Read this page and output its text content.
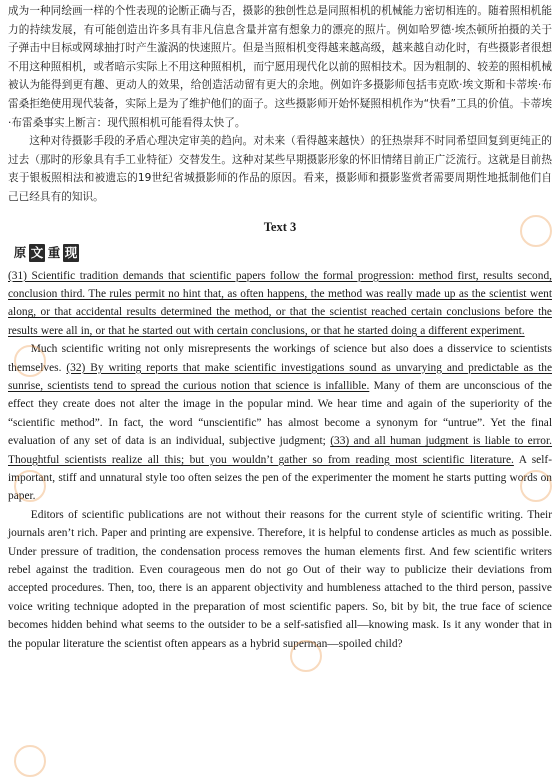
成为一种同绘画一样的个性表现的论断正确与否，摄影的独创性总是同照相机的机械能力密切相连的。随着照相机能力的持续发展，有可能创造出许多具有非凡信息含量并富有想象力的漂亮的照片。例如哈罗德·埃杰顿所拍摄的关于子弹击中目标或网球抽打时产生漩涡的快速照片。但是当照相机变得越来越高级，越来越自动化时，有些摄影者很想不用这种照相机，或者暗示实际上不用这种照相机，而宁愿用现代化以前的照相技术。因为粗制的、较差的照相机械被认为能得到更有趣、更动人的效果，给创造活动留有更大的余地。例如许多摄影师包括韦克欧·埃文斯和卡蒂埃·布雷桑拒绝使用现代装备，实际上是为了维护他们的面子。这些摄影师开始怀疑照相机作为“快看”工具的价值。卡蒂埃·布雷桑事实上断言：现代照相机可能看得太快了。

这种对待摄影手段的矛盾心理决定审美的趋向。对未来（看得越来越快）的狂热崇拜不时同希望回复到更纯正的过去（那时的形象具有手工业特征）交替发生。这种对某些早期摄影形象的怀旧情绪目前正广泛流行。这就是目前热衷于银板照相法和被遗忘的19世纪省城摄影师的作品的原因。看来，摄影师和摄影鉴赏者需要周期性地抵制他们自己已经具有的知识。

Text 3
原 文 重 现

(31) Scientific tradition demands that scientific papers follow the formal progression: method first, results second, conclusion third. The rules permit no hint that, as often happens, the method was really made up as the scientist went along, or that accidental results determined the method, or that the scientist reached certain conclusions before the results were all in, or that he started out with certain conclusions, or that he started doing a different experiment.

Much scientific writing not only misrepresents the workings of science but also does a disservice to scientists themselves. (32) By writing reports that make scientific investigations sound as unvarying and predictable as the sunrise, scientists tend to spread the curious notion that science is infallible. Many of them are unconscious of the effect they create does not alter the image in the popular mind. We hear time and again of the superiority of the “scientific method”. In fact, the word “unscientific” has almost become a synonym for “untrue”. Yet the final evaluation of any set of data is an individual, subjective judgment; (33) and all human judgment is liable to error. Thoughtful scientists realize all this; but you wouldn’t gather so from reading most scientific literature. A self-important, stiff and unnatural style too often seizes the pen of the experimenter the moment he starts putting words on paper.

Editors of scientific publications are not without their reasons for the current style of scientific writing. Their journals aren’t rich. Paper and printing are expensive. Therefore, it is helpful to condense articles as much as possible. Under pressure of tradition, the condensation process removes the human elements first. And few scientific writers rebel against the tradition. Even courageous men do not go Out of their way to publicize their deviations from accepted procedures. Then, too, there is an apparent objectivity and humbleness attached to the third person, passive voice writing technique adopted in the preparation of most scientific papers. So, bit by bit, the true face of science becomes hidden behind what seems to the outsider to be a self-satisfied all—knowing mask. Is it any wonder that in the popular literature the scientist often appears as a hybrid superman—spoiled child?
